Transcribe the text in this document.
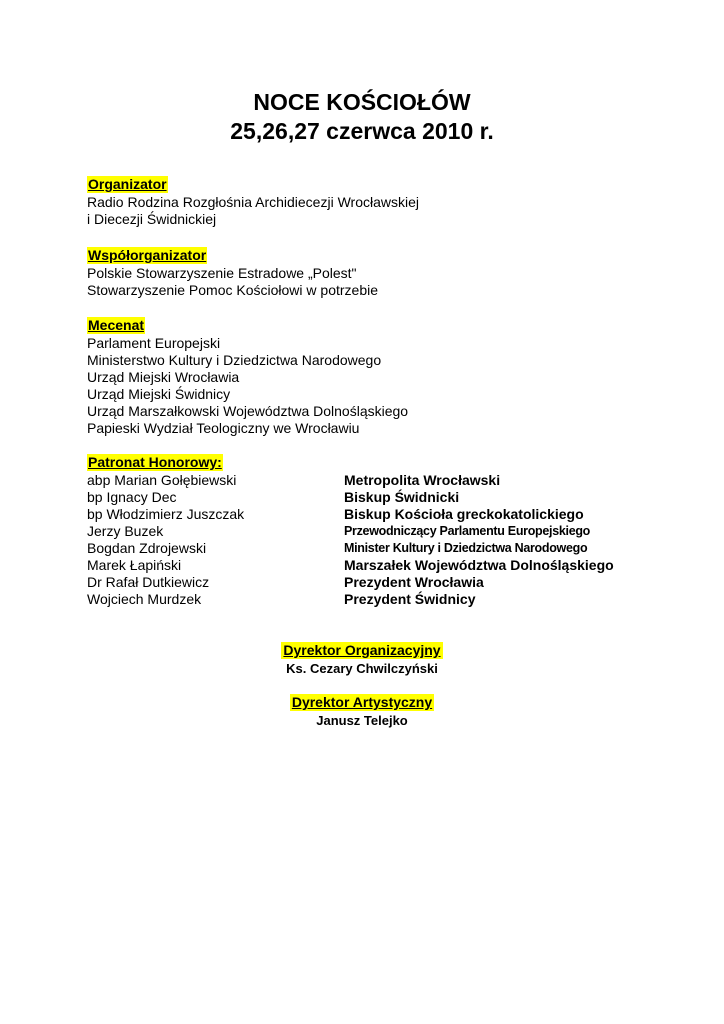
NOCE KOŚCIOŁÓW
25,26,27 czerwca 2010 r.
Organizator
Radio Rodzina Rozgłośnia Archidiecezji Wrocławskiej
i Diecezji Świdnickiej
Współorganizator
Polskie Stowarzyszenie Estradowe „Polest"
Stowarzyszenie Pomoc Kościołowi w potrzebie
Mecenat
Parlament Europejski
Ministerstwo Kultury i Dziedzictwa Narodowego
Urząd Miejski Wrocławia
Urząd Miejski Świdnicy
Urząd Marszałkowski Województwa Dolnośląskiego
Papieski Wydział Teologiczny we Wrocławiu
Patronat Honorowy:
abp Marian Gołębiewski	Metropolita Wrocławski
bp Ignacy Dec	Biskup Świdnicki
bp Włodzimierz Juszczak	Biskup Kościoła greckokatolickiego
Jerzy Buzek	Przewodniczący Parlamentu Europejskiego
Bogdan Zdrojewski	Minister Kultury i Dziedzictwa Narodowego
Marek Łapiński	Marszałek Województwa Dolnośląskiego
Dr Rafał Dutkiewicz	Prezydent Wrocławia
Wojciech Murdzek	Prezydent Świdnicy
Dyrektor Organizacyjny
Ks. Cezary Chwilczyński
Dyrektor Artystyczny
Janusz Telejko
